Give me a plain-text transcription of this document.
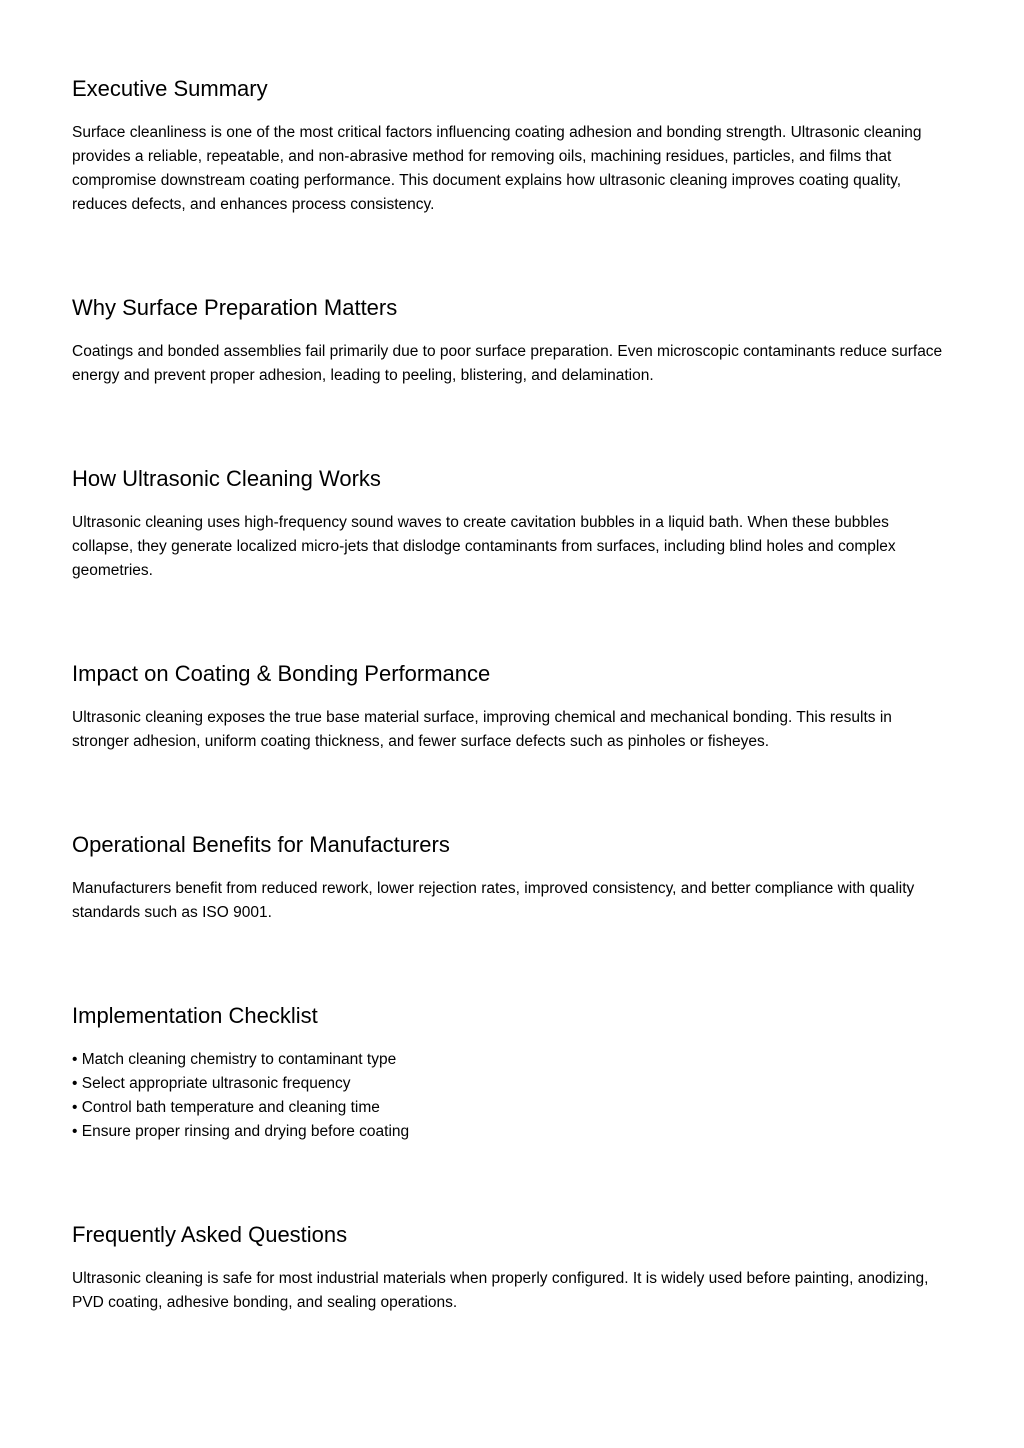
Executive Summary

Surface cleanliness is one of the most critical factors influencing coating adhesion and bonding strength. Ultrasonic cleaning provides a reliable, repeatable, and non-abrasive method for removing oils, machining residues, particles, and films that compromise downstream coating performance. This document explains how ultrasonic cleaning improves coating quality, reduces defects, and enhances process consistency.

Why Surface Preparation Matters

Coatings and bonded assemblies fail primarily due to poor surface preparation. Even microscopic contaminants reduce surface energy and prevent proper adhesion, leading to peeling, blistering, and delamination.

How Ultrasonic Cleaning Works

Ultrasonic cleaning uses high-frequency sound waves to create cavitation bubbles in a liquid bath. When these bubbles collapse, they generate localized micro-jets that dislodge contaminants from surfaces, including blind holes and complex geometries.

Impact on Coating & Bonding Performance

Ultrasonic cleaning exposes the true base material surface, improving chemical and mechanical bonding. This results in stronger adhesion, uniform coating thickness, and fewer surface defects such as pinholes or fisheyes.

Operational Benefits for Manufacturers

Manufacturers benefit from reduced rework, lower rejection rates, improved consistency, and better compliance with quality standards such as ISO 9001.

Implementation Checklist

• Match cleaning chemistry to contaminant type

• Select appropriate ultrasonic frequency

• Control bath temperature and cleaning time

• Ensure proper rinsing and drying before coating

Frequently Asked Questions

Ultrasonic cleaning is safe for most industrial materials when properly configured. It is widely used before painting, anodizing, PVD coating, adhesive bonding, and sealing operations.
